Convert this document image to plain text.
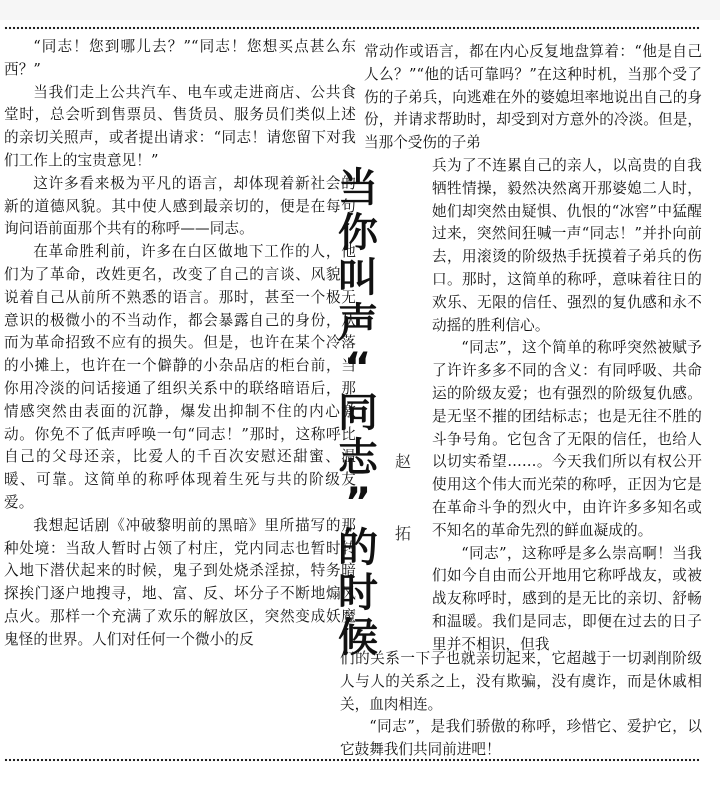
“同志！您到哪儿去？”“同志！您想买点甚么东西？”

当我们走上公共汽车、电车或走进商店、公共食堂时，总会听到售票员、售货员、服务员们类似上述的亲切关照声，或者提出请求：“同志！请您留下对我们工作上的宝贵意见！”

这许多看来极为平凡的语言，却体现着新社会的新的道德风貌。其中使人感到最亲切的，便是在每句询问语前面那个共有的称呼——同志。

在革命胜利前，许多在白区做地下工作的人，他们为了革命，改姓更名，改变了自己的言谈、风貌，说着自己从前所不熟悉的语言。那时，甚至一个极无意识的极微小的不当动作，都会暴露自己的身份，从而为革命招致不应有的损失。但是，也许在某个冷落的小摊上，也许在一个僻静的小杂品店的柜台前，当你用冷淡的问话接通了组织关系中的联络暗语后，那情感突然由表面的沉静，爆发出抑制不住的内心激动。你免不了低声呼唤一句“同志！”那时，这称呼比自己的父母还亲，比爱人的千百次安慰还甜蜜、温暖、可靠。这简单的称呼体现着生死与共的阶级友爱。

我想起话剧《冲破黎明前的黑暗》里所描写的那种处境：当敌人暂时占领了村庄，党内同志也暂时转入地下潜伏起来的时候，鬼子到处烧杀淫掠，特务暗探挨门逐户地搜寻，地、富、反、坏分子不断地煽风点火。那样一个充满了欢乐的解放区，突然变成妖魔鬼怪的世界。人们对任何一个微小的反

常动作或语言，都在内心反复地盘算着：“他是自己人么？”“他的话可靠吗？”在这种时机，当那个受了伤的子弟兵，向逃难在外的婆媳坦率地说出自己的身份，并请求帮助时，却受到对方意外的冷淡。但是，当那个受伤的子弟

当
你
叫
声
“
同
志
”
的
时
候
赵
拓

兵为了不连累自己的亲人，以高贵的自我牺牲情操，毅然决然离开那婆媳二人时，她们却突然由疑惧、仇恨的“冰窖”中猛醒过来，突然间狂喊一声“同志！”并扑向前去，用滚烫的阶级热手抚摸着子弟兵的伤口。那时，这简单的称呼，意味着往日的欢乐、无限的信任、强烈的复仇感和永不动摇的胜利信心。

“同志”，这个简单的称呼突然被赋予了许许多多不同的含义：有同呼吸、共命运的阶级友爱；也有强烈的阶级复仇感。是无坚不摧的团结标志；也是无往不胜的斗争号角。它包含了无限的信任，也给人以切实希望……。今天我们所以有权公开使用这个伟大而光荣的称呼，正因为它是在革命斗争的烈火中，由许许多多知名或不知名的革命先烈的鲜血凝成的。

“同志”，这称呼是多么崇高啊！当我们如今自由而公开地用它称呼战友，或被战友称呼时，感到的是无比的亲切、舒畅和温暖。我们是同志，即便在过去的日子里并不相识，但我

们的关系一下子也就亲切起来，它超越于一切剥削阶级人与人的关系之上，没有欺骗，没有虞诈，而是休戚相关，血肉相连。

“同志”，是我们骄傲的称呼，珍惜它、爱护它，以它鼓舞我们共同前进吧！
